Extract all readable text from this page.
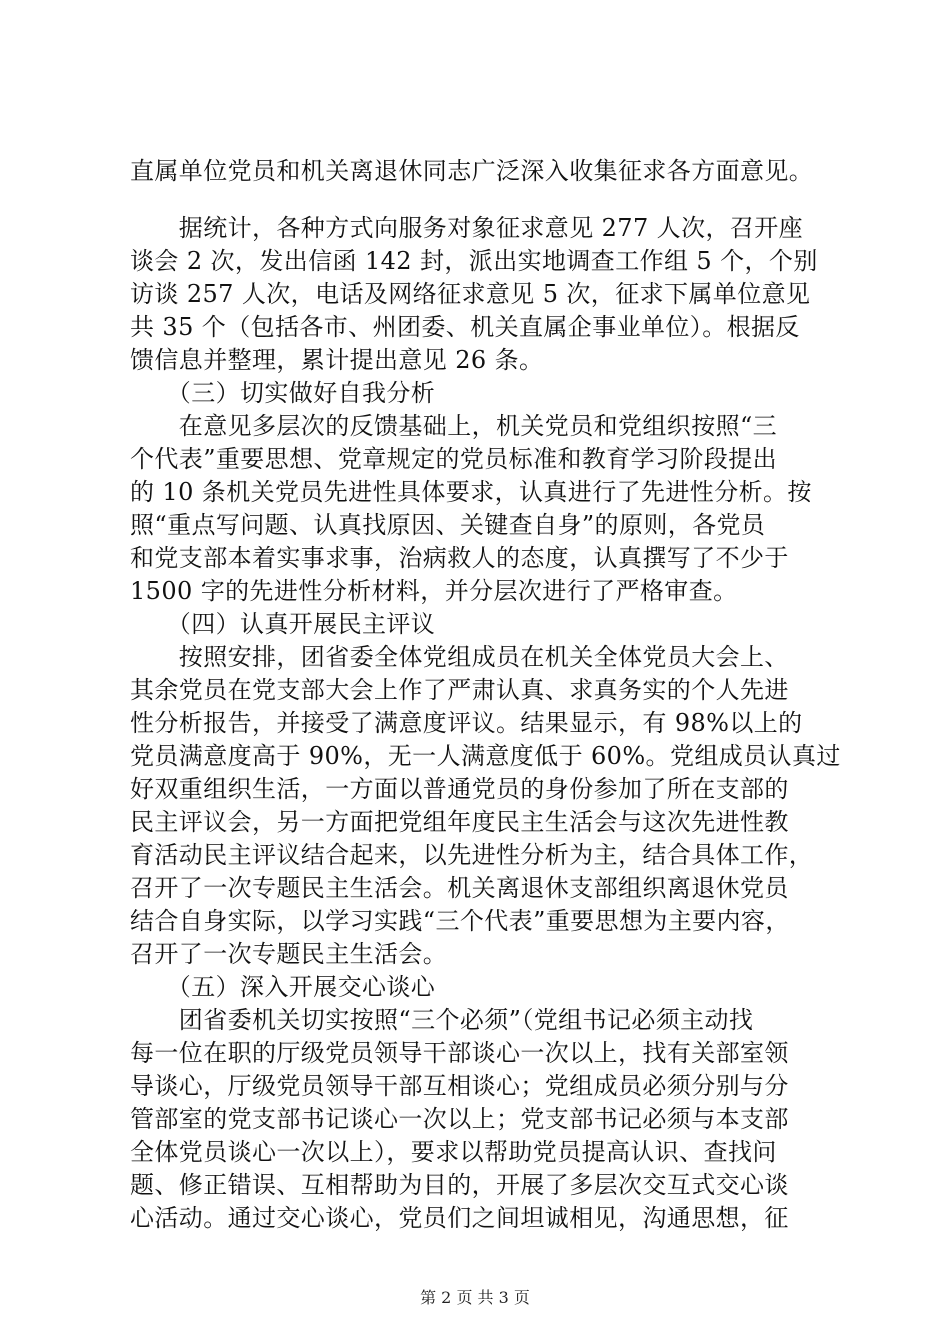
直属单位党员和机关离退休同志广泛深入收集征求各方面意见。
　　据统计，各种方式向服务对象征求意见 277 人次，召开座
谈会 2 次，发出信函 142 封，派出实地调查工作组 5 个，个别
访谈 257 人次，电话及网络征求意见 5 次，征求下属单位意见
共 35 个（包括各市、州团委、机关直属企事业单位）。根据反
馈信息并整理，累计提出意见 26 条。
　　（三）切实做好自我分析
　　在意见多层次的反馈基础上，机关党员和党组织按照“三
个代表”重要思想、党章规定的党员标准和教育学习阶段提出
的 10 条机关党员先进性具体要求，认真进行了先进性分析。按
照“重点写问题、认真找原因、关键查自身”的原则，各党员
和党支部本着实事求事，治病救人的态度，认真撰写了不少于
1500 字的先进性分析材料，并分层次进行了严格审查。
　　（四）认真开展民主评议
　　按照安排，团省委全体党组成员在机关全体党员大会上、
其余党员在党支部大会上作了严肃认真、求真务实的个人先进
性分析报告，并接受了满意度评议。结果显示，有 98%以上的
党员满意度高于 90%，无一人满意度低于 60%。党组成员认真过
好双重组织生活，一方面以普通党员的身份参加了所在支部的
民主评议会，另一方面把党组年度民主生活会与这次先进性教
育活动民主评议结合起来，以先进性分析为主，结合具体工作，
召开了一次专题民主生活会。机关离退休支部组织离退休党员
结合自身实际，以学习实践“三个代表”重要思想为主要内容，
召开了一次专题民主生活会。
　　（五）深入开展交心谈心
　　团省委机关切实按照“三个必须”（党组书记必须主动找
每一位在职的厅级党员领导干部谈心一次以上，找有关部室领
导谈心，厅级党员领导干部互相谈心；党组成员必须分别与分
管部室的党支部书记谈心一次以上；党支部书记必须与本支部
全体党员谈心一次以上），要求以帮助党员提高认识、查找问
题、修正错误、互相帮助为目的，开展了多层次交互式交心谈
心活动。通过交心谈心，党员们之间坦诚相见，沟通思想，征
第 2 页 共 3 页
